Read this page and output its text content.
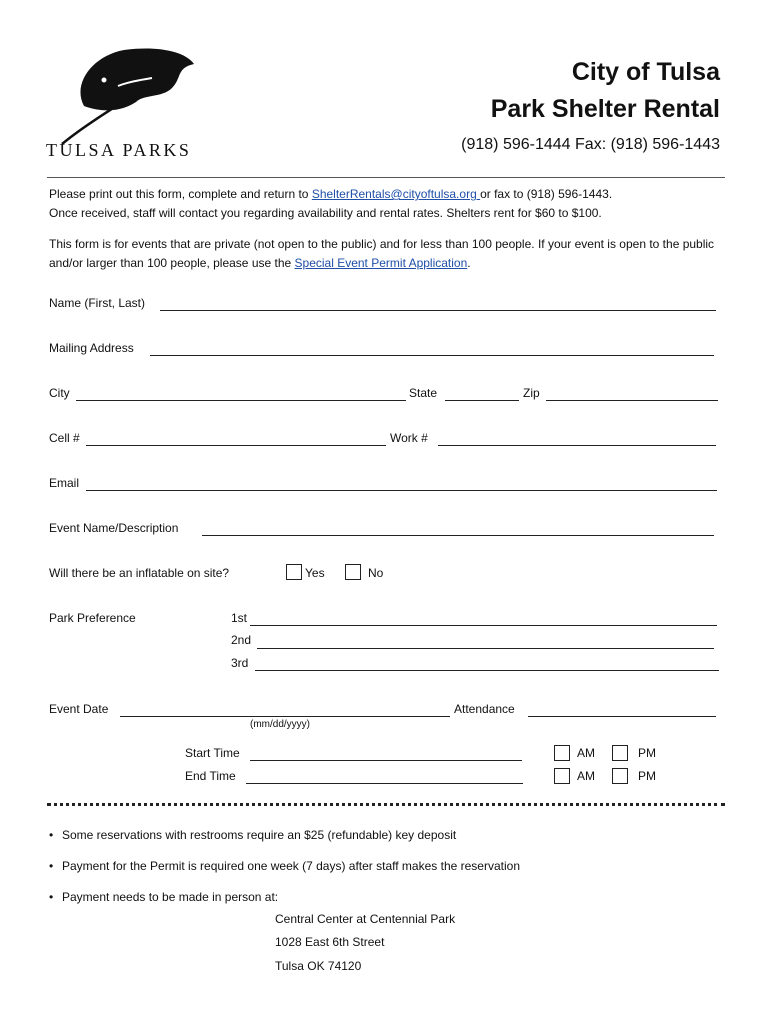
TULSA PARKS
City of Tulsa
Park Shelter Rental
(918) 596-1444 Fax: (918) 596-1443
Please print out this form, complete and return to ShelterRentals@cityoftulsa.org or fax to (918) 596-1443.
Once received, staff will contact you regarding availability and rental rates. Shelters rent for $60 to $100.
This form is for events that are private (not open to the public) and for less than 100 people. If your event is open to the public and/or larger than 100 people, please use the Special Event Permit Application.
Name (First, Last)
Mailing Address
City	State	Zip
Cell #	Work #
Email
Event Name/Description
Will there be an inflatable on site?	Yes	No
Park Preference	1st
2nd
3rd
Event Date
(mm/dd/yyyy)
Attendance
Start Time	AM	PM
End Time	AM	PM
• Some reservations with restrooms require an $25 (refundable) key deposit
• Payment for the Permit is required one week (7 days) after staff makes the reservation
• Payment needs to be made in person at:
Central Center at Centennial Park
1028 East 6th Street
Tulsa OK 74120
